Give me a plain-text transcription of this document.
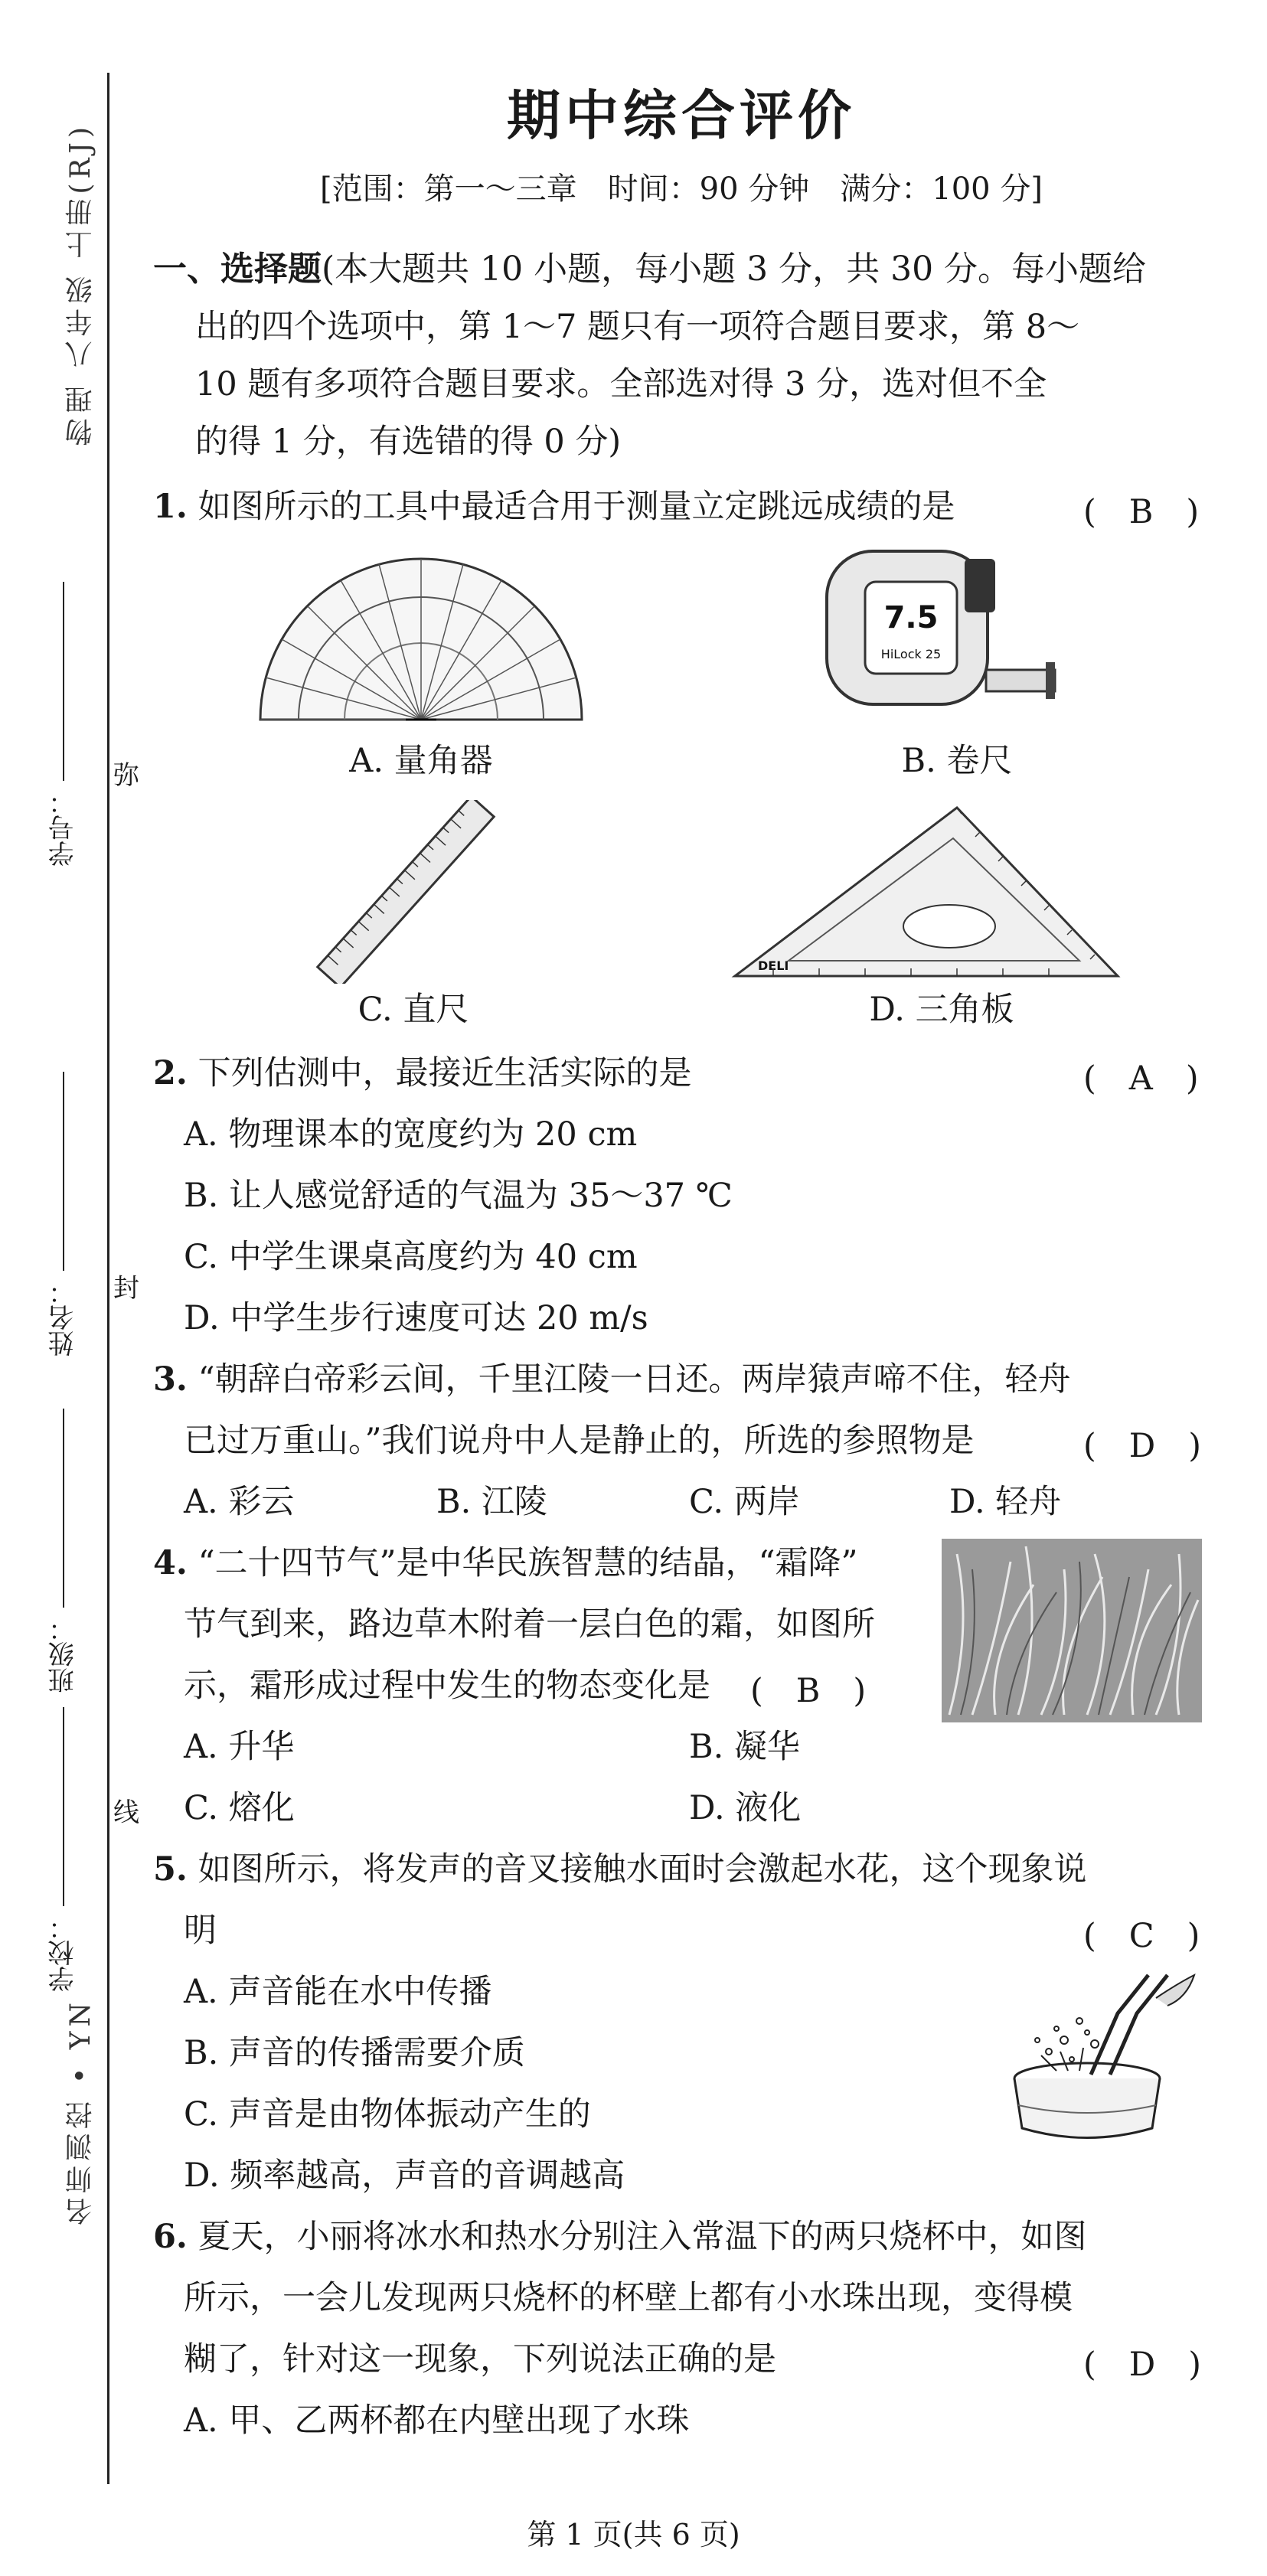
物理 八年级 上册(RJ)
学号：
姓名：
班级：
学校：
弥
封
线
名师测控 • YN
期中综合评价
[范围：第一～三章　时间：90 分钟　满分：100 分]
一、选择题(本大题共 10 小题，每小题 3 分，共 30 分。每小题给
出的四个选项中，第 1～7 题只有一项符合题目要求，第 8～
10 题有多项符合题目要求。全部选对得 3 分，选对但不全
的得 1 分，有选错的得 0 分)
1. 如图所示的工具中最适合用于测量立定跳远成绩的是	(　B　)
A. 量角器
7.5
HiLock 25
B. 卷尺
C. 直尺
DELI
D. 三角板
2. 下列估测中，最接近生活实际的是	(　A　)
A. 物理课本的宽度约为 20 cm
B. 让人感觉舒适的气温为 35～37 ℃
C. 中学生课桌高度约为 40 cm
D. 中学生步行速度可达 20 m/s
3. “朝辞白帝彩云间，千里江陵一日还。两岸猿声啼不住，轻舟
已过万重山。”我们说舟中人是静止的，所选的参照物是	(　D　)
A. 彩云	B. 江陵	C. 两岸	D. 轻舟
4. “二十四节气”是中华民族智慧的结晶，“霜降”
节气到来，路边草木附着一层白色的霜，如图所
示，霜形成过程中发生的物态变化是 (　B　)
A. 升华	B. 凝华
C. 熔化	D. 液化
5. 如图所示，将发声的音叉接触水面时会激起水花，这个现象说
明	(　C　)
A. 声音能在水中传播
B. 声音的传播需要介质
C. 声音是由物体振动产生的
D. 频率越高，声音的音调越高
6. 夏天，小丽将冰水和热水分别注入常温下的两只烧杯中，如图
所示，一会儿发现两只烧杯的杯壁上都有小水珠出现，变得模
糊了，针对这一现象，下列说法正确的是	(　D　)
A. 甲、乙两杯都在内壁出现了水珠
第 1 页(共 6 页)
